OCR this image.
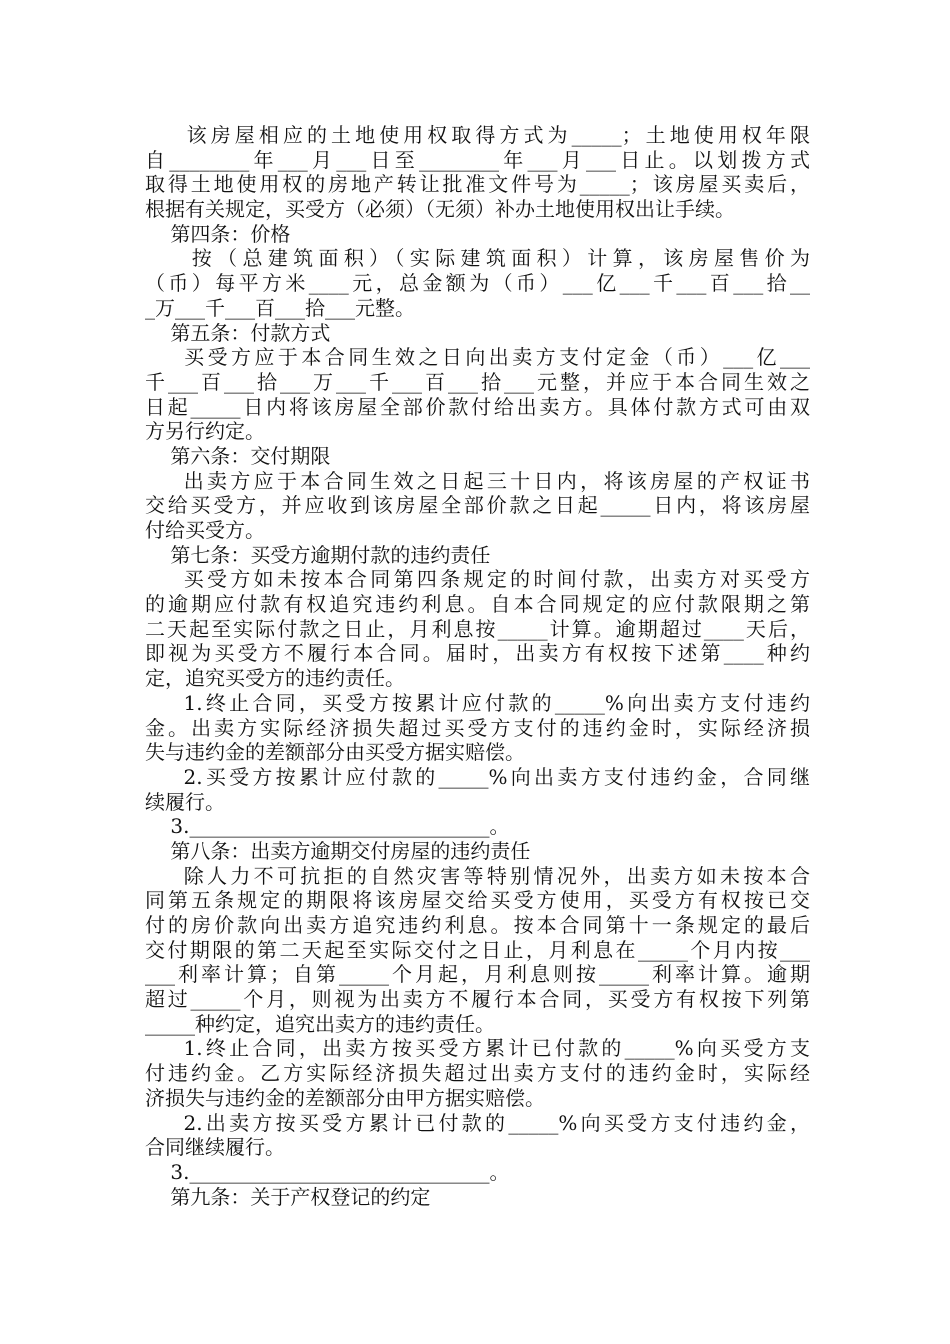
该房屋相应的土地使用权取得方式为_____；土地使用权年限
自________年___月___日至________年___月___日止。以划拨方式
取得土地使用权的房地产转让批准文件号为_____；该房屋买卖后，
根据有关规定，买受方（必须）（无须）补办土地使用权出让手续。
第四条：价格
按（总建筑面积）（实际建筑面积）计算，该房屋售价为
（币）每平方米____元，总金额为（币）___亿___千___百___拾__
_万___千___百___拾___元整。
第五条：付款方式
买受方应于本合同生效之日向出卖方支付定金（币）___亿___
千___百___拾___万___千___百___拾___元整，并应于本合同生效之
日起_____日内将该房屋全部价款付给出卖方。具体付款方式可由双
方另行约定。
第六条：交付期限
出卖方应于本合同生效之日起三十日内，将该房屋的产权证书
交给买受方，并应收到该房屋全部价款之日起_____日内，将该房屋
付给买受方。
第七条：买受方逾期付款的违约责任
买受方如未按本合同第四条规定的时间付款，出卖方对买受方
的逾期应付款有权追究违约利息。自本合同规定的应付款限期之第
二天起至实际付款之日止，月利息按_____计算。逾期超过____天后，
即视为买受方不履行本合同。届时，出卖方有权按下述第____种约
定，追究买受方的违约责任。
1.终止合同，买受方按累计应付款的_____%向出卖方支付违约
金。出卖方实际经济损失超过买受方支付的违约金时，实际经济损
失与违约金的差额部分由买受方据实赔偿。
2.买受方按累计应付款的_____%向出卖方支付违约金，合同继
续履行。
3.______________________________。
第八条：出卖方逾期交付房屋的违约责任
除人力不可抗拒的自然灾害等特别情况外，出卖方如未按本合
同第五条规定的期限将该房屋交给买受方使用，买受方有权按已交
付的房价款向出卖方追究违约利息。按本合同第十一条规定的最后
交付期限的第二天起至实际交付之日止，月利息在_____个月内按___
___利率计算；自第_____个月起，月利息则按_____利率计算。逾期
超过_____个月，则视为出卖方不履行本合同，买受方有权按下列第
_____种约定，追究出卖方的违约责任。
1.终止合同，出卖方按买受方累计已付款的_____%向买受方支
付违约金。乙方实际经济损失超过出卖方支付的违约金时，实际经
济损失与违约金的差额部分由甲方据实赔偿。
2.出卖方按买受方累计已付款的_____%向买受方支付违约金，
合同继续履行。
3.______________________________。
第九条：关于产权登记的约定
